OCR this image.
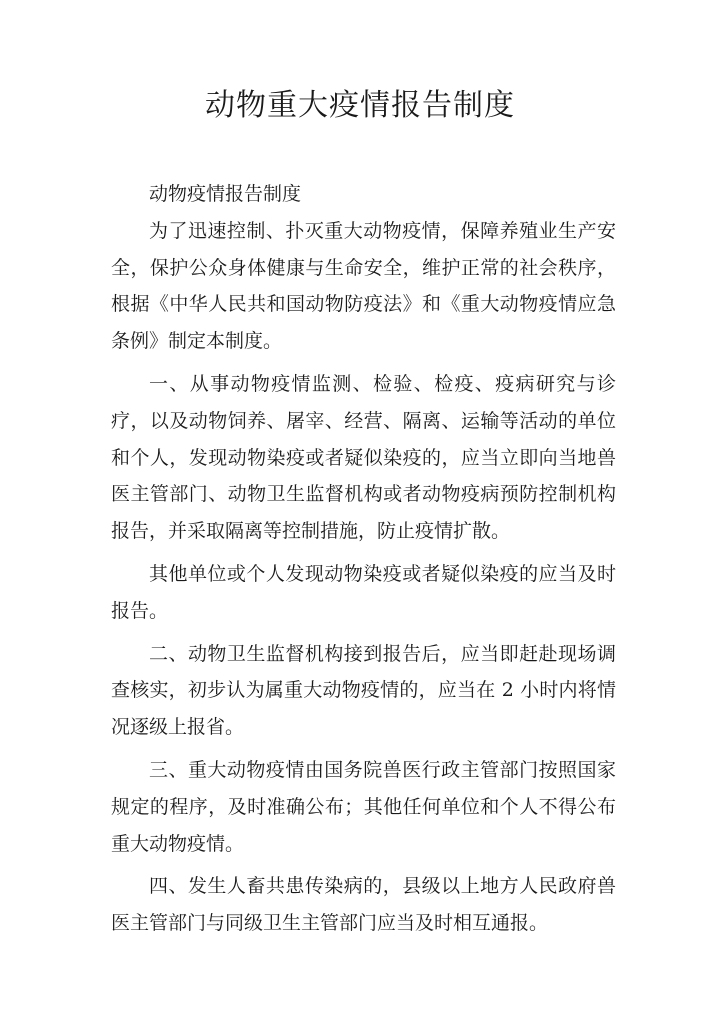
动物重大疫情报告制度

动物疫情报告制度

为了迅速控制、扑灭重大动物疫情，保障养殖业生产安全，保护公众身体健康与生命安全，维护正常的社会秩序，根据《中华人民共和国动物防疫法》和《重大动物疫情应急条例》制定本制度。

一、从事动物疫情监测、检验、检疫、疫病研究与诊疗，以及动物饲养、屠宰、经营、隔离、运输等活动的单位和个人，发现动物染疫或者疑似染疫的，应当立即向当地兽医主管部门、动物卫生监督机构或者动物疫病预防控制机构报告，并采取隔离等控制措施，防止疫情扩散。

其他单位或个人发现动物染疫或者疑似染疫的应当及时报告。

二、动物卫生监督机构接到报告后，应当即赶赴现场调查核实，初步认为属重大动物疫情的，应当在 2 小时内将情况逐级上报省。

三、重大动物疫情由国务院兽医行政主管部门按照国家规定的程序，及时准确公布；其他任何单位和个人不得公布重大动物疫情。

四、发生人畜共患传染病的，县级以上地方人民政府兽医主管部门与同级卫生主管部门应当及时相互通报。
